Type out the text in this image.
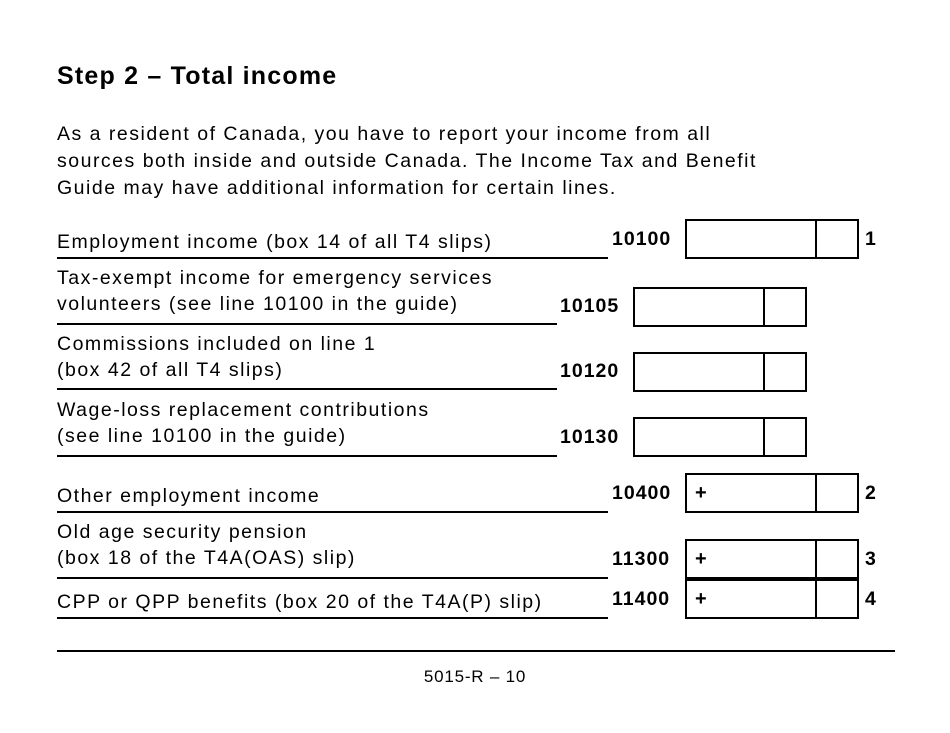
Step 2 – Total income
As a resident of Canada, you have to report your income from all
sources both inside and outside Canada. The Income Tax and Benefit
Guide may have additional information for certain lines.
Employment income (box 14 of all T4 slips)	10100	1
Tax-exempt income for emergency services
volunteers (see line 10100 in the guide)	10105
Commissions included on line 1
(box 42 of all T4 slips)	10120
Wage-loss replacement contributions
(see line 10100 in the guide)	10130
Other employment income	10400	+	2
Old age security pension
(box 18 of the T4A(OAS) slip)	11300	+	3
CPP or QPP benefits (box 20 of the T4A(P) slip)	11400	+	4
5015-R – 10
